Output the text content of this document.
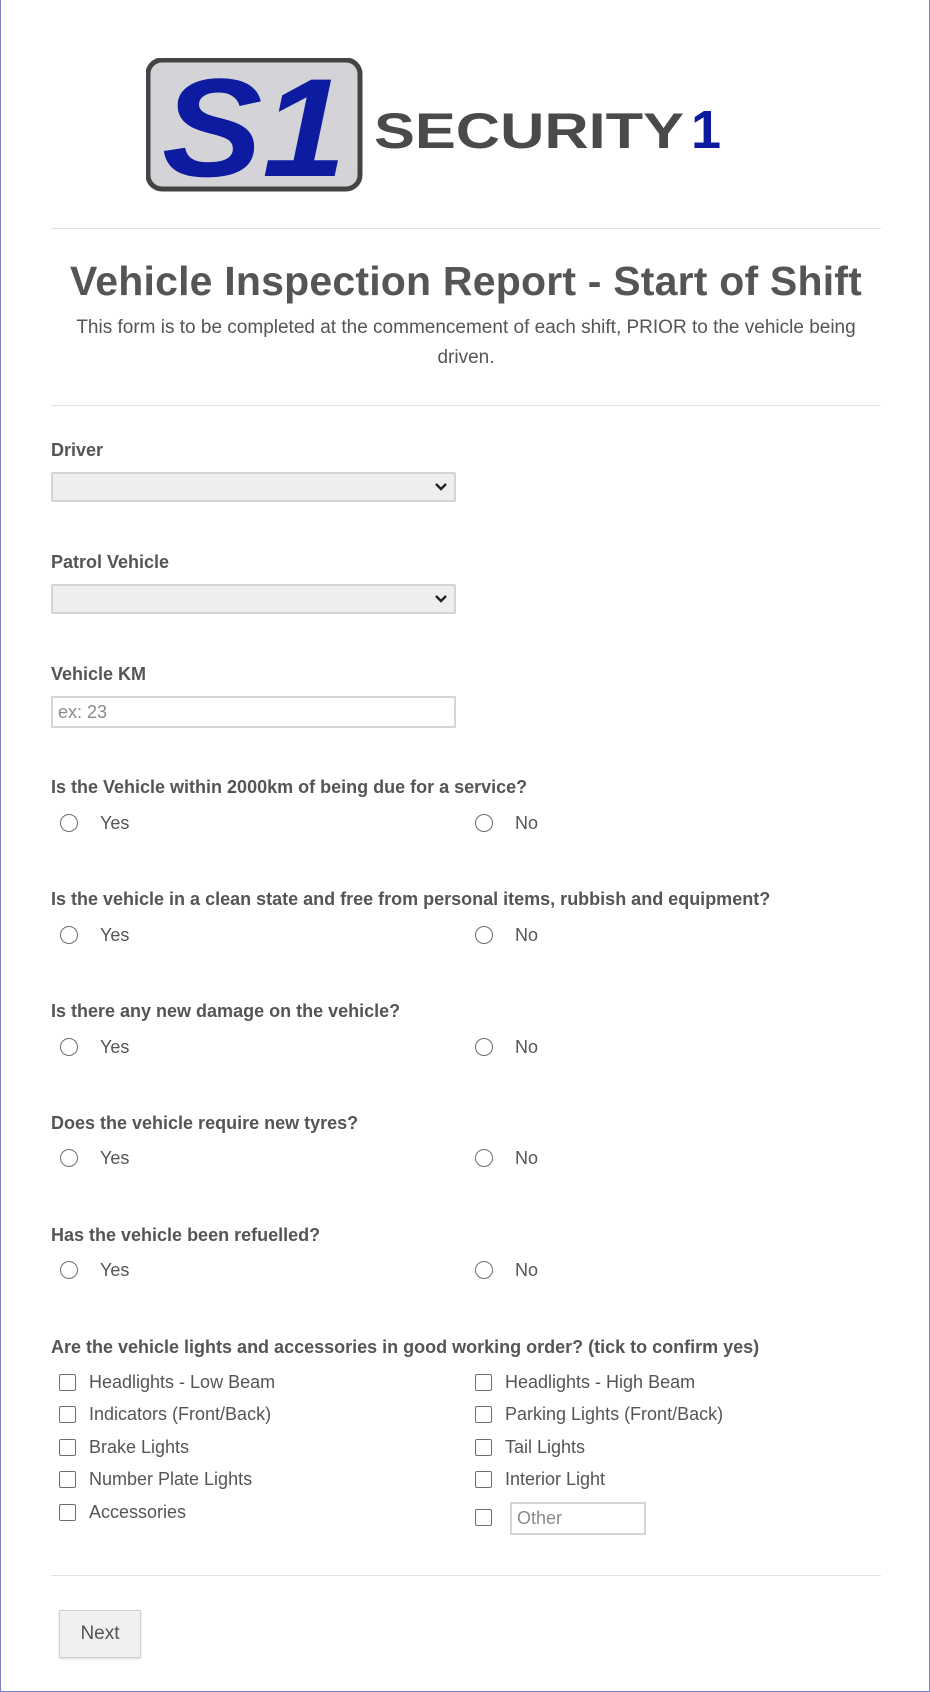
S1 SECURITY 1
Vehicle Inspection Report - Start of Shift
This form is to be completed at the commencement of each shift, PRIOR to the vehicle being driven.
Driver
Patrol Vehicle
Vehicle KM
ex: 23
Is the Vehicle within 2000km of being due for a service?
Yes	No
Is the vehicle in a clean state and free from personal items, rubbish and equipment?
Yes	No
Is there any new damage on the vehicle?
Yes	No
Does the vehicle require new tyres?
Yes	No
Has the vehicle been refuelled?
Yes	No
Are the vehicle lights and accessories in good working order? (tick to confirm yes)
Headlights - Low Beam	Headlights - High Beam
Indicators (Front/Back)	Parking Lights (Front/Back)
Brake Lights	Tail Lights
Number Plate Lights	Interior Light
Accessories	Other
Next
